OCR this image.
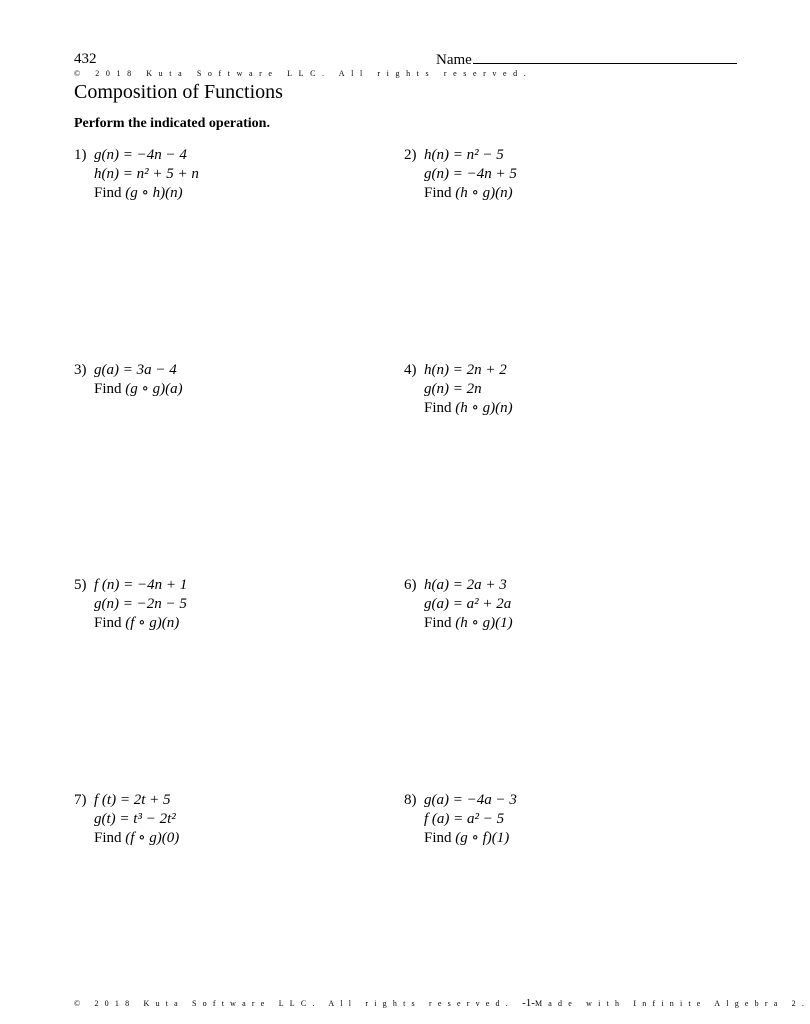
432	Name
© 2018 Kuta Software LLC. All rights reserved.
Composition of Functions
Perform the indicated operation.
1) g(n) = −4n − 4
h(n) = n² + 5 + n
Find
(g ∘ h)(n)
2) h(n) = n² − 5
g(n) = −4n + 5
Find
(h ∘ g)(n)
3) g(a) = 3a − 4
Find
(g ∘ g)(a)
4) h(n) = 2n + 2
g(n) = 2n
Find
(h ∘ g)(n)
5) f (n) = −4n + 1
g(n) = −2n − 5
Find
(f ∘ g)(n)
6) h(a) = 2a + 3
g(a) = a² + 2a
Find
(h ∘ g)(1)
7) f (t) = 2t + 5
g(t) = t³ − 2t²
Find
(f ∘ g)(0)
8) g(a) = −4a − 3
f (a) = a² − 5
Find
(g ∘ f)(1)
© 2018 Kuta Software LLC. All rights reserved. -1-Made with Infinite Algebra 2.
